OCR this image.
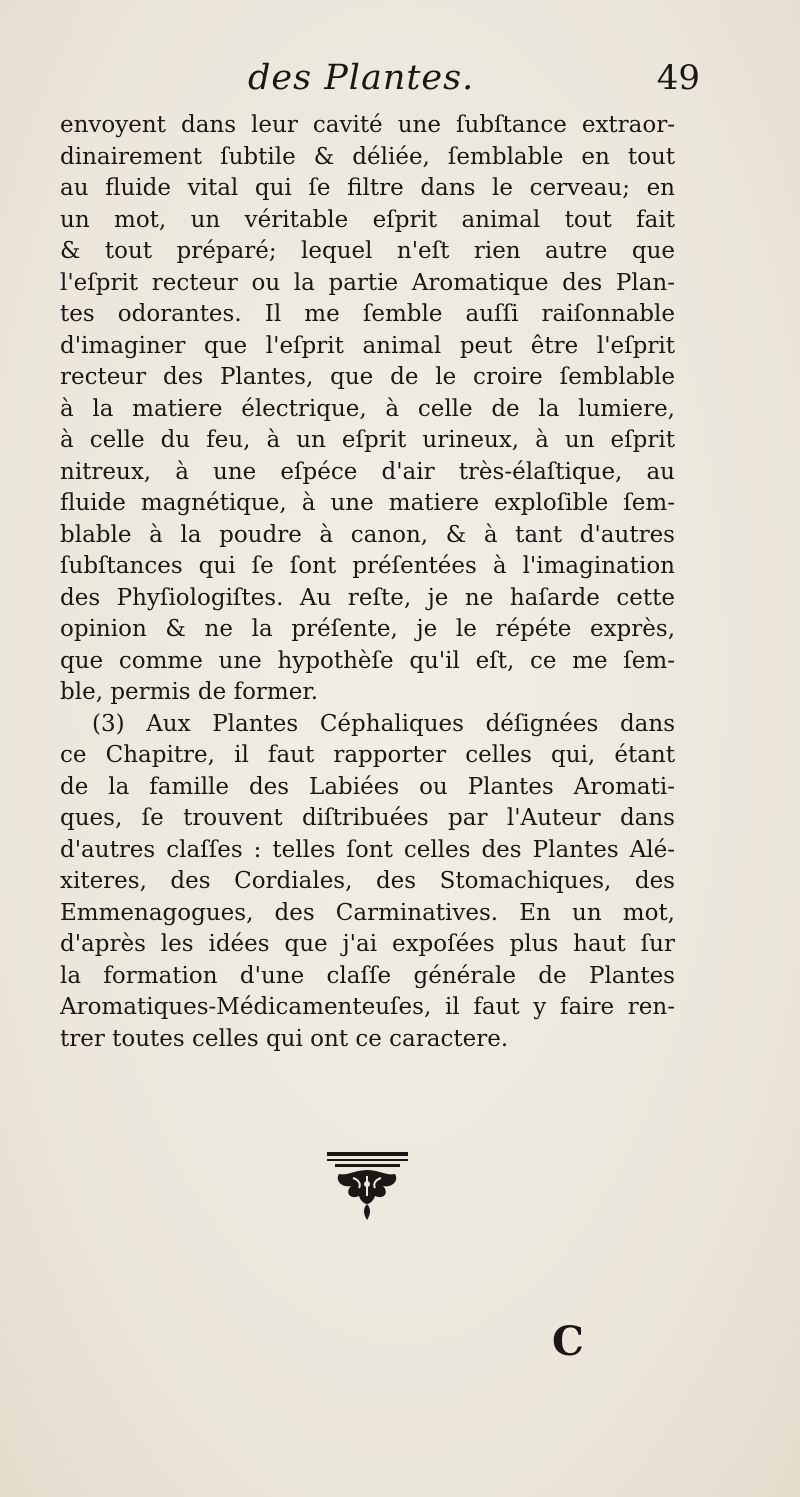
des Plantes.	49
envoyent dans leur cavité une ſubſtance extraor-
dinairement ſubtile & déliée, ſemblable en tout
au fluide vital qui ſe filtre dans le cerveau; en
un mot, un véritable eſprit animal tout fait
& tout préparé; lequel n'eſt rien autre que
l'eſprit recteur ou la partie Aromatique des Plan-
tes odorantes. Il me ſemble auſſi raiſonnable
d'imaginer que l'eſprit animal peut être l'eſprit
recteur des Plantes, que de le croire ſemblable
à la matiere électrique, à celle de la lumiere,
à celle du feu, à un eſprit urineux, à un eſprit
nitreux, à une eſpéce d'air très-élaſtique, au
fluide magnétique, à une matiere exploſible ſem-
blable à la poudre à canon, & à tant d'autres
ſubſtances qui ſe ſont préſentées à l'imagination
des Phyſiologiſtes. Au reſte, je ne haſarde cette
opinion & ne la préſente, je le répéte exprès,
que comme une hypothèſe qu'il eſt, ce me ſem-
ble, permis de former.
(3) Aux Plantes Céphaliques déſignées dans
ce Chapitre, il faut rapporter celles qui, étant
de la famille des Labiées ou Plantes Aromati-
ques, ſe trouvent diſtribuées par l'Auteur dans
d'autres claſſes : telles ſont celles des Plantes Alé-
xiteres, des Cordiales, des Stomachiques, des
Emmenagogues, des Carminatives. En un mot,
d'après les idées que j'ai expoſées plus haut ſur
la formation d'une claſſe générale de Plantes
Aromatiques-Médicamenteuſes, il faut y faire ren-
trer toutes celles qui ont ce caractere.
C
